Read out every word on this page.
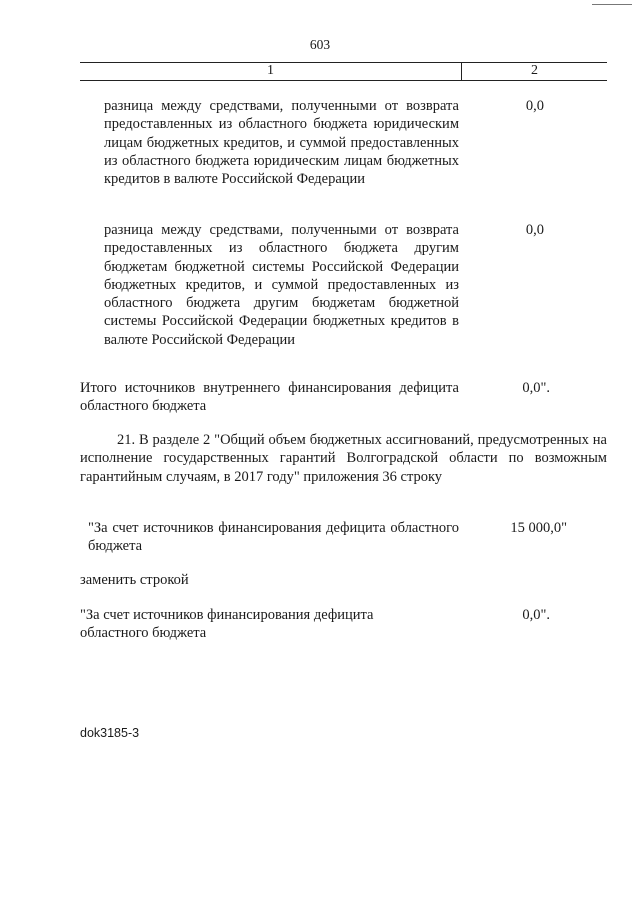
603
1	2
разница между средствами, полученными от возврата предоставленных из областного бюджета юридическим лицам бюджетных кредитов, и суммой предоставленных из областного бюджета юридическим лицам бюджетных кредитов в валюте Российской Федерации
0,0
разница между средствами, полученными от возврата предоставленных из областного бюджета другим бюджетам бюджетной системы Российской Федерации бюджетных кредитов, и суммой предоставленных из областного бюджета другим бюджетам бюджетной системы Российской Федерации бюджетных кредитов в валюте Российской Федерации
0,0
Итого источников внутреннего финансирования дефицита областного бюджета
0,0".
21. В разделе 2 "Общий объем бюджетных ассигнований, предусмотренных на исполнение государственных гарантий Волгоградской области по возможным гарантийным случаям, в 2017 году" приложения 36 строку
"За счет источников финансирования дефицита областного бюджета
15 000,0"
заменить строкой
"За счет источников финансирования дефицита областного бюджета
0,0".
dok3185-3
